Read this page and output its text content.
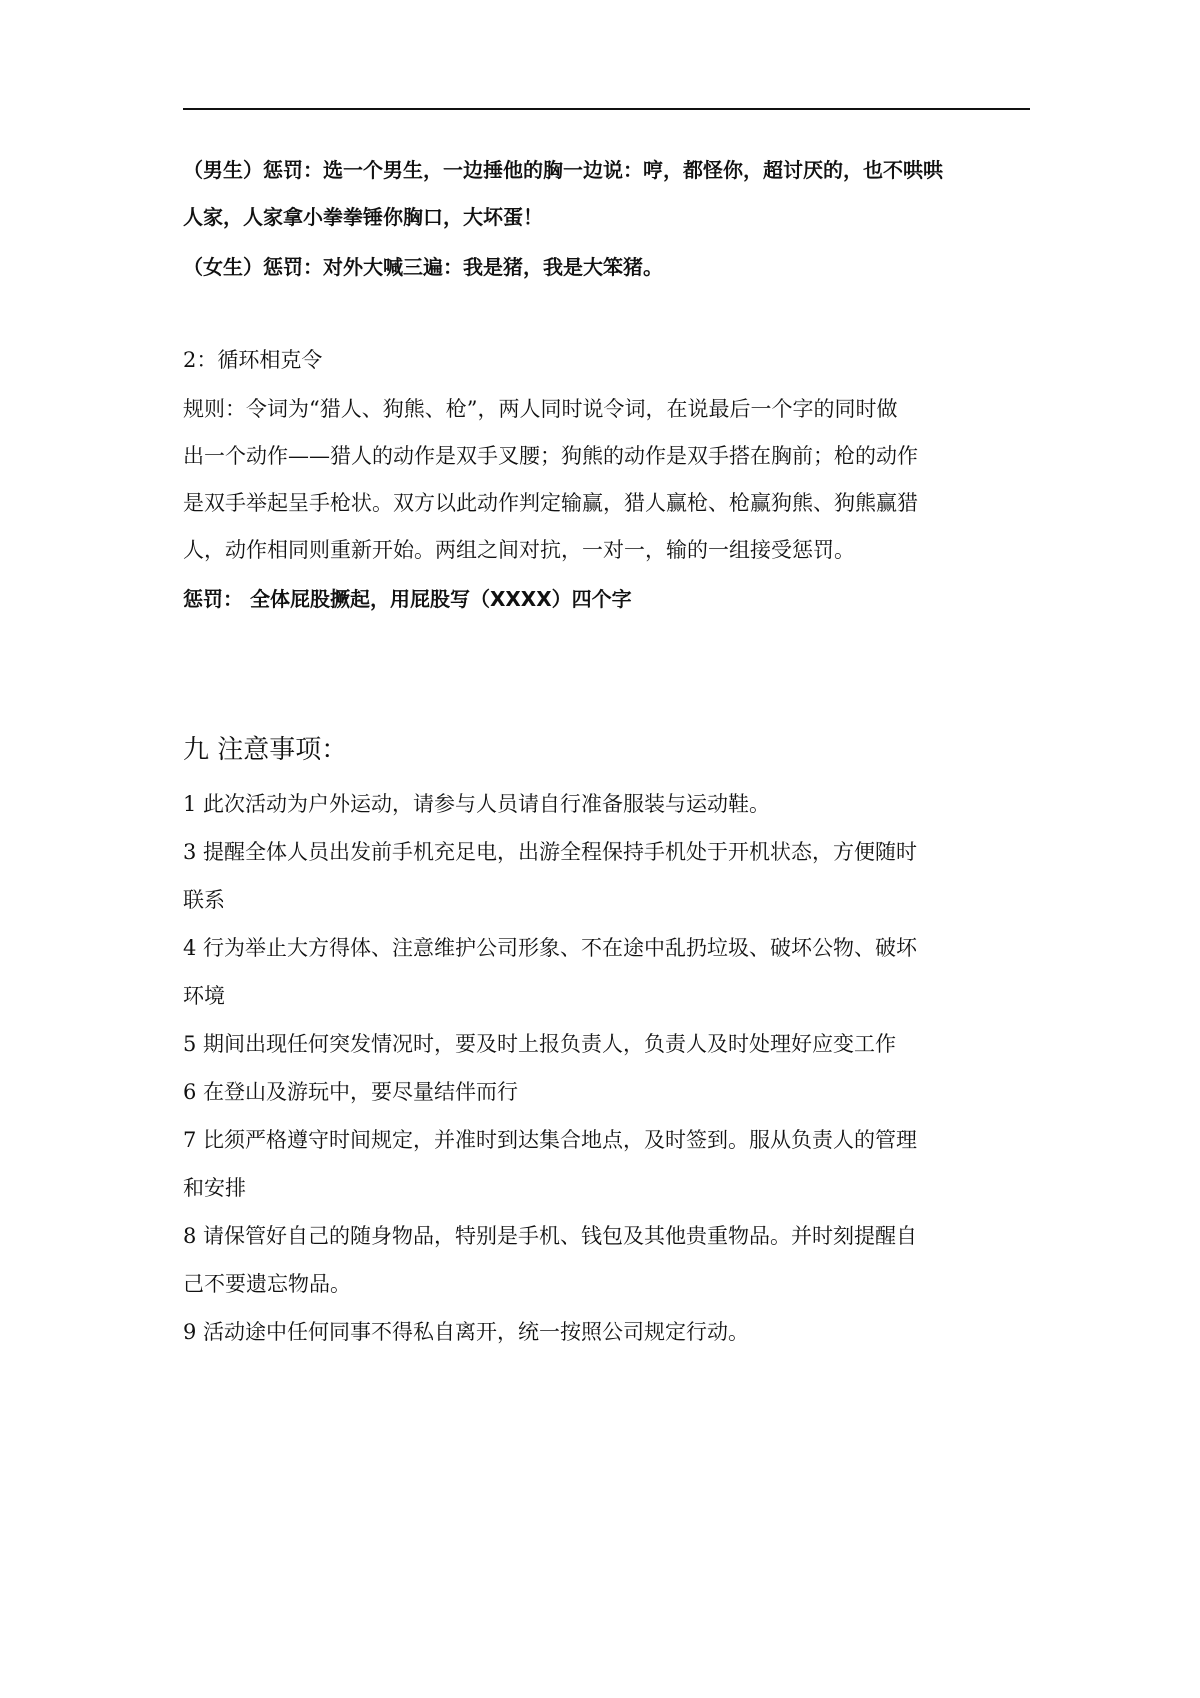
（男生）惩罚：选一个男生，一边捶他的胸一边说：哼，都怪你，超讨厌的，也不哄哄
人家，人家拿小拳拳锤你胸口，大坏蛋！
（女生）惩罚：对外大喊三遍：我是猪，我是大笨猪。
2：循环相克令
规则：令词为“猎人、狗熊、枪”，两人同时说令词，在说最后一个字的同时做
出一个动作——猎人的动作是双手叉腰；狗熊的动作是双手搭在胸前；枪的动作
是双手举起呈手枪状。双方以此动作判定输赢，猎人赢枪、枪赢狗熊、狗熊赢猎
人，动作相同则重新开始。两组之间对抗，一对一，输的一组接受惩罚。
惩罚： 全体屁股撅起，用屁股写（XXXX）四个字
九 注意事项：
1 此次活动为户外运动，请参与人员请自行准备服装与运动鞋。
3 提醒全体人员出发前手机充足电，出游全程保持手机处于开机状态，方便随时
联系
4 行为举止大方得体、注意维护公司形象、不在途中乱扔垃圾、破坏公物、破坏
环境
5 期间出现任何突发情况时，要及时上报负责人，负责人及时处理好应变工作
6 在登山及游玩中，要尽量结伴而行
7 比须严格遵守时间规定，并准时到达集合地点，及时签到。服从负责人的管理
和安排
8 请保管好自己的随身物品，特别是手机、钱包及其他贵重物品。并时刻提醒自
己不要遗忘物品。
9 活动途中任何同事不得私自离开，统一按照公司规定行动。
